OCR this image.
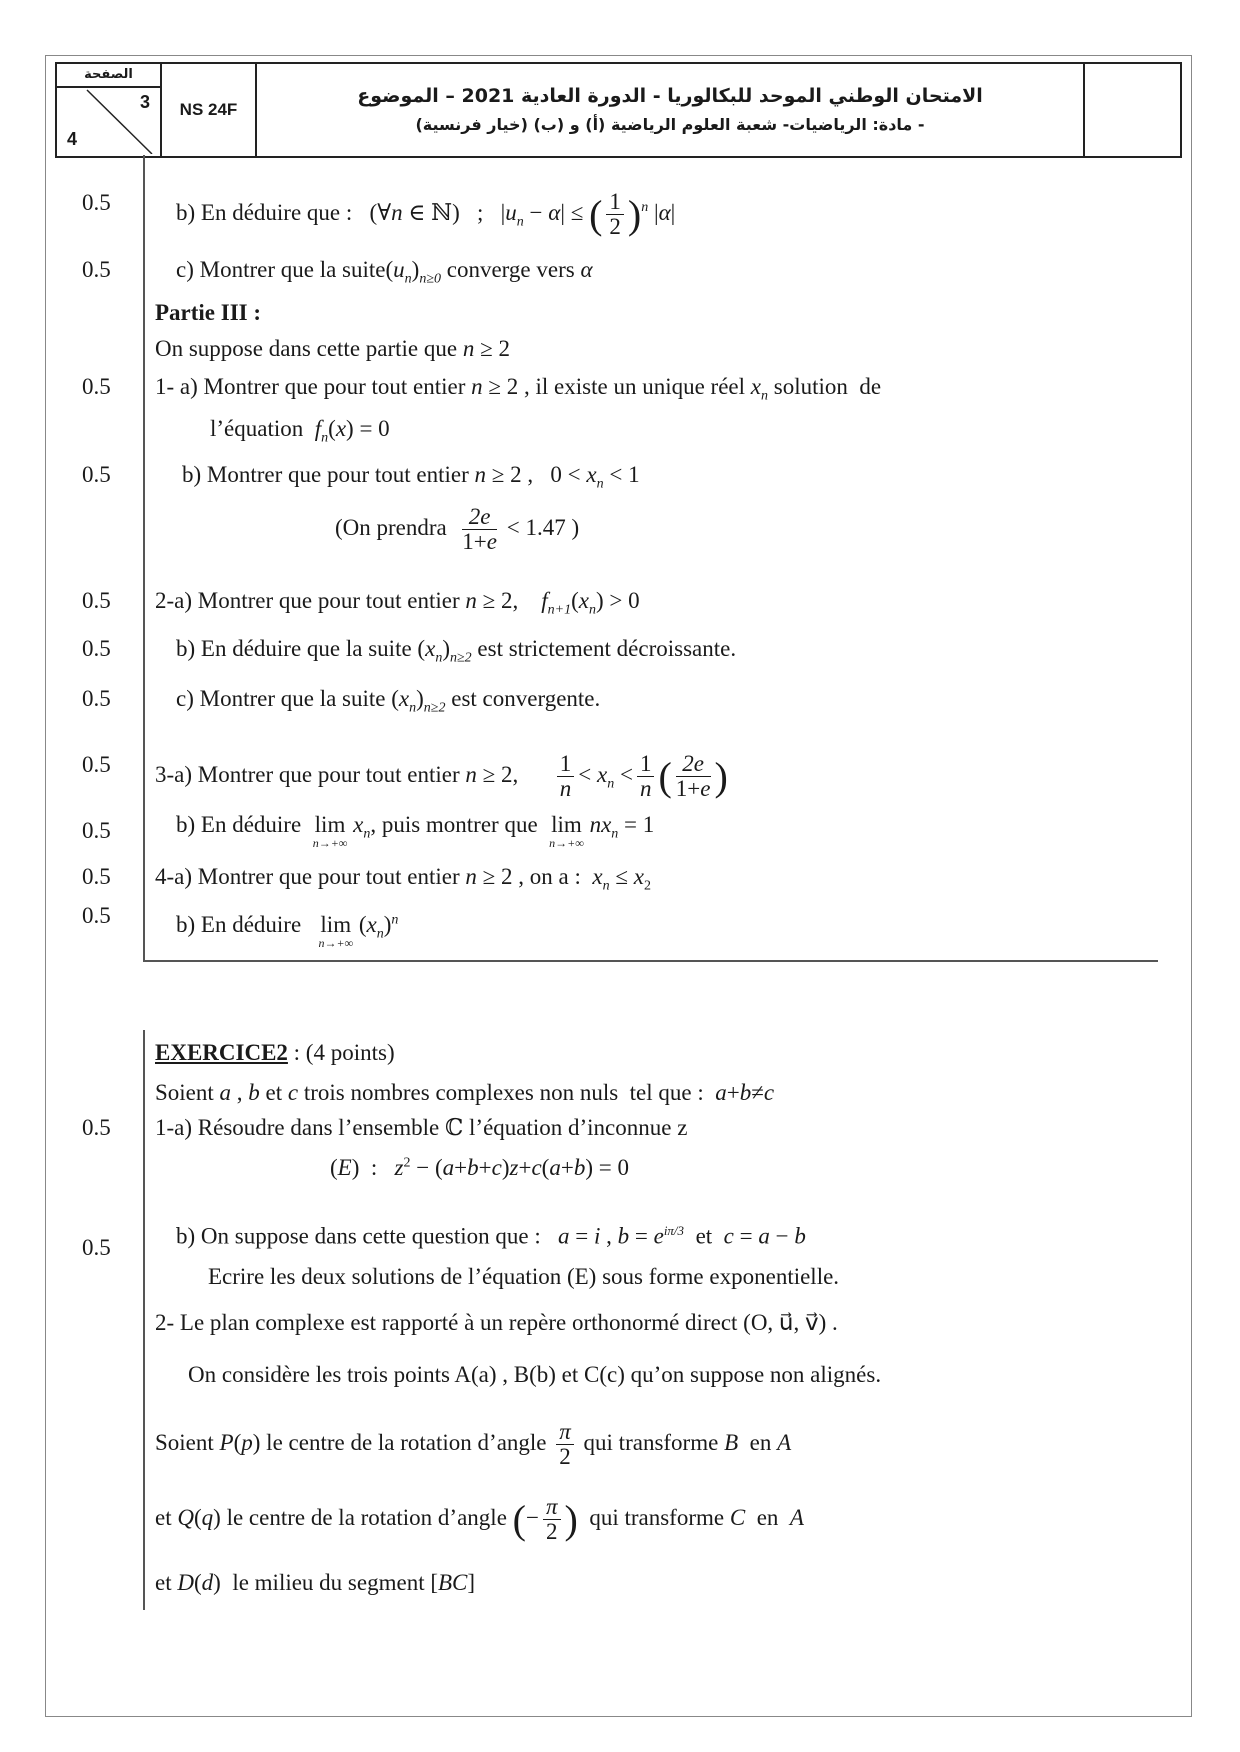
الصفحة
3
4
NS 24F
الامتحان الوطني الموحد للبكالوريا - الدورة العادية 2021 – الموضوع
- مادة: الرياضيات- شعبة العلوم الرياضية (أ) و (ب) (خيار فرنسية)
0.5	b) En déduire que :   (∀n ∈ ℕ)   ;   $|u_n - \alpha|$ ≤ ( $\frac{1}{2} )^n$ |α|
0.5	c) Montrer que la $suite(u_n)_{n\ge 0}$ converge vers α
Partie III :
On suppose dans cette partie que n ≥ 2
0.5 1- a) Montrer que pour tout entier n ≥ 2 , il existe un unique réel $x_n$ solution  de
l’équation  $f_n(x) = 0$
0.5	b) Montrer que pour tout entier n ≥ 2 ,   $0 < x_n < 1$
(On prendra $\frac{2e}{1+e} < 1.47$ )
0.5 2-a) Montrer que pour tout entier n ≥ 2,    $f_{n+1}(x_n) > 0$
0.5	b) En déduire que la suite $(x_n)_{n\ge 2}$ est strictement décroissante.
0.5	c) Montrer que la suite $(x_n)_{n\ge 2}$ est convergente.
0.5 3-a) Montrer que pour tout entier n ≥ 2, $\frac{1}{n} < x_n < \frac{1}{n}$ ( $\frac{2e}{1+e}$ )
0.5	b) En déduire  lim

n→+∞
$x_n$, puis montrer que  lim

n→+∞
$nx_n = 1$
0.5 4-a) Montrer que pour tout entier n ≥ 2 , on a :  $x_n \le x_2$
0.5	b) En déduire   lim

n→+∞
$(x_n)^n$
EXERCICE2 : (4 points)
Soient a , b et c trois nombres complexes non nuls  tel que :  a+b≠c
0.5 1-a) Résoudre dans l’ensemble ℂ l’équation d’inconnue z
(E)  :   $z^2 - (a+b+c)z+c(a+b) = 0$
0.5	b) On suppose dans cette question que :   a = i , $b = e^{i\pi/3}$  et  c = a − b
Ecrire les deux solutions de l’équation (E) sous forme exponentielle.
2- Le plan complexe est rapporté à un repère orthonormé direct (O, u⃗, v⃗) .
On considère les trois points A(a) , B(b) et C(c) qu’on suppose non alignés.
Soient P(p) le centre de la rotation d’angle $\frac{\pi}{2}$ qui transforme B  en A
et Q(q) le centre de la rotation d’angle (− $\frac{\pi}{2}$ )  qui transforme C  en  A
et D(d)  le milieu du segment [BC]
